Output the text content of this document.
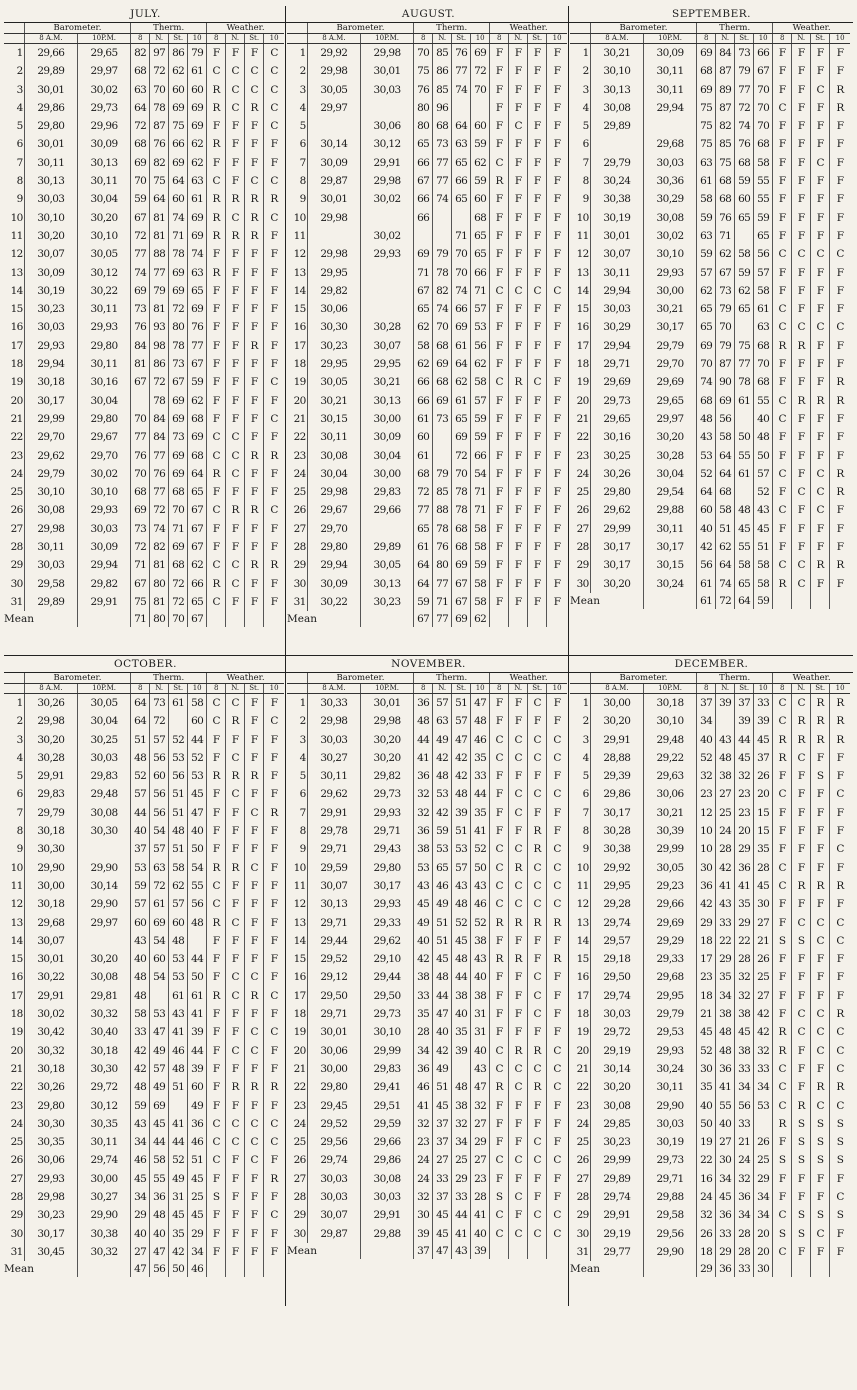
JULY.
	Barometer.		Therm.				Weather.			
	8 A.M.	10P.M.	8	N.	St.	10	8	N.	St.	10
1	29,66	29,65	82	97	86	79	F	F	F	C
2	29,89	29,97	68	72	62	61	C	C	C	C
3	30,01	30,02	63	70	60	60	R	C	C	C
4	29,86	29,73	64	78	69	69	R	C	R	C
5	29,80	29,96	72	87	75	69	F	F	F	C
6	30,01	30,09	68	76	66	62	R	F	F	F
7	30,11	30,13	69	82	69	62	F	F	F	F
8	30,13	30,11	70	75	64	63	C	F	C	C
9	30,03	30,04	59	64	60	61	R	R	R	R
10	30,10	30,20	67	81	74	69	R	C	R	C
11	30,20	30,10	72	81	71	69	R	R	R	F
12	30,07	30,05	77	88	78	74	F	F	F	F
13	30,09	30,12	74	77	69	63	R	F	F	F
14	30,19	30,22	69	79	69	65	F	F	F	F
15	30,23	30,11	73	81	72	69	F	F	F	F
16	30,03	29,93	76	93	80	76	F	F	F	F
17	29,93	29,80	84	98	78	77	F	F	R	F
18	29,94	30,11	81	86	73	67	F	F	F	F
19	30,18	30,16	67	72	67	59	F	F	F	C
20	30,17	30,04		78	69	62	F	F	F	F
21	29,99	29,80	70	84	69	68	F	F	F	C
22	29,70	29,67	77	84	73	69	C	C	F	F
23	29,62	29,70	76	77	69	68	C	C	R	R
24	29,79	30,02	70	76	69	64	R	C	F	F
25	30,10	30,10	68	77	68	65	F	F	F	F
26	30,08	29,93	69	72	70	67	C	R	R	C
27	29,98	30,03	73	74	71	67	F	F	F	F
28	30,11	30,09	72	82	69	67	F	F	F	F
29	30,03	29,94	71	81	68	62	C	C	R	R
30	29,58	29,82	67	80	72	66	R	C	F	F
31	29,89	29,91	75	81	72	65	C	F	F	F
Mean			71	80	70	67				
AUGUST.
	Barometer.		Therm.				Weather.			
	8 A.M.	10P.M.	8	N.	St.	10	8	N.	St.	10
1	29,92	29,98	70	85	76	69	F	F	F	F
2	29,98	30,01	75	86	77	72	F	F	F	F
3	30,05	30,03	76	85	74	70	F	F	F	F
4	29,97		80	96			F	F	F	F
5		30,06	80	68	64	60	F	C	F	F
6	30,14	30,12	65	73	63	59	F	F	F	F
7	30,09	29,91	66	77	65	62	C	F	F	F
8	29,87	29,98	67	77	66	59	R	F	F	F
9	30,01	30,02	66	74	65	60	F	F	F	F
10	29,98		66			68	F	F	F	F
11		30,02			71	65	F	F	F	F
12	29,98	29,93	69	79	70	65	F	F	F	F
13	29,95		71	78	70	66	F	F	F	F
14	29,82		67	82	74	71	C	C	C	C
15	30,06		65	74	66	57	F	F	F	F
16	30,30	30,28	62	70	69	53	F	F	F	F
17	30,23	30,07	58	68	61	56	F	F	F	F
18	29,95	29,95	62	69	64	62	F	F	F	F
19	30,05	30,21	66	68	62	58	C	R	C	F
20	30,21	30,13	66	69	61	57	F	F	F	F
21	30,15	30,00	61	73	65	59	F	F	F	F
22	30,11	30,09	60		69	59	F	F	F	F
23	30,08	30,04	61		72	66	F	F	F	F
24	30,04	30,00	68	79	70	54	F	F	F	F
25	29,98	29,83	72	85	78	71	F	F	F	F
26	29,67	29,66	77	88	78	71	F	F	F	F
27	29,70		65	78	68	58	F	F	F	F
28	29,80	29,89	61	76	68	58	F	F	F	F
29	29,94	30,05	64	80	69	59	F	F	F	F
30	30,09	30,13	64	77	67	58	F	F	F	F
31	30,22	30,23	59	71	67	58	F	F	F	F
Mean			67	77	69	62				
SEPTEMBER.
	Barometer.		Therm.				Weather.			
	8 A.M.	10P.M.	8	N.	St.	10	8	N.	St.	10
1	30,21	30,09	69	84	73	66	F	F	F	F
2	30,10	30,11	68	87	79	67	F	F	F	F
3	30,13	30,11	69	89	77	70	F	F	C	R
4	30,08	29,94	75	87	72	70	C	F	F	R
5	29,89		75	82	74	70	F	F	F	F
6		29,68	75	85	76	68	F	F	F	F
7	29,79	30,03	63	75	68	58	F	F	C	F
8	30,24	30,36	61	68	59	55	F	F	F	F
9	30,38	30,29	58	68	60	55	F	F	F	F
10	30,19	30,08	59	76	65	59	F	F	F	F
11	30,01	30,02	63	71		65	F	F	F	F
12	30,07	30,10	59	62	58	56	C	C	C	C
13	30,11	29,93	57	67	59	57	F	F	F	F
14	29,94	30,00	62	73	62	58	F	F	F	F
15	30,03	30,21	65	79	65	61	C	F	F	F
16	30,29	30,17	65	70		63	C	C	C	C
17	29,94	29,79	69	79	75	68	R	R	F	F
18	29,71	29,70	70	87	77	70	F	F	F	F
19	29,69	29,69	74	90	78	68	F	F	F	R
20	29,73	29,65	68	69	61	55	C	R	R	R
21	29,65	29,97	48	56		40	C	F	F	F
22	30,16	30,20	43	58	50	48	F	F	F	F
23	30,25	30,28	53	64	55	50	F	F	F	F
24	30,26	30,04	52	64	61	57	C	F	C	R
25	29,80	29,54	64	68		52	F	C	C	R
26	29,62	29,88	60	58	48	43	C	F	C	F
27	29,99	30,11	40	51	45	45	F	F	F	F
28	30,17	30,17	42	62	55	51	F	F	F	F
29	30,17	30,15	56	64	58	58	C	C	R	R
30	30,20	30,24	61	74	65	58	R	C	F	F
Mean			61	72	64	59				
OCTOBER.
	Barometer.		Therm.				Weather.			
	8 A.M.	10P.M.	8	N.	St.	10	8	N.	St.	10
1	30,26	30,05	64	73	61	58	C	C	F	F
2	29,98	30,04	64	72		60	C	R	F	C
3	30,20	30,25	51	57	52	44	F	F	F	F
4	30,28	30,03	48	56	53	52	F	C	F	F
5	29,91	29,83	52	60	56	53	R	R	R	F
6	29,83	29,48	57	56	51	45	F	C	F	F
7	29,79	30,08	44	56	51	47	F	F	C	R
8	30,18	30,30	40	54	48	40	F	F	F	F
9	30,30		37	57	51	50	F	F	F	F
10	29,90	29,90	53	63	58	54	R	R	C	F
11	30,00	30,14	59	72	62	55	C	F	F	F
12	30,18	29,90	57	61	57	56	C	F	F	F
13	29,68	29,97	60	69	60	48	R	C	F	F
14	30,07		43	54	48		F	F	F	F
15	30,01	30,20	40	60	53	44	F	F	F	F
16	30,22	30,08	48	54	53	50	F	C	C	F
17	29,91	29,81	48		61	61	R	C	R	C
18	30,02	30,32	58	53	43	41	F	F	F	F
19	30,42	30,40	33	47	41	39	F	F	C	C
20	30,32	30,18	42	49	46	44	F	C	C	F
21	30,18	30,30	42	57	48	39	F	F	F	F
22	30,26	29,72	48	49	51	60	F	R	R	R
23	29,80	30,12	59	69		49	F	F	F	F
24	30,30	30,35	43	45	41	36	C	C	C	C
25	30,35	30,11	34	44	44	46	C	C	C	C
26	30,06	29,74	46	58	52	51	C	F	C	F
27	29,93	30,00	45	55	49	45	F	F	F	R
28	29,98	30,27	34	36	31	25	S	F	F	F
29	30,23	29,90	29	48	45	45	F	F	F	C
30	30,17	30,38	40	40	35	29	F	F	F	F
31	30,45	30,32	27	47	42	34	F	F	F	F
Mean			47	56	50	46				
NOVEMBER.
	Barometer.		Therm.				Weather.			
	8 A.M.	10P.M.	8	N.	St.	10	8	N.	St.	10
1	30,33	30,01	36	57	51	47	F	F	C	F
2	29,98	29,98	48	63	57	48	F	F	F	F
3	30,03	30,20	44	49	47	46	C	C	C	C
4	30,27	30,20	41	42	42	35	C	C	C	C
5	30,11	29,82	36	48	42	33	F	F	F	F
6	29,62	29,73	32	53	48	44	F	C	C	C
7	29,91	29,93	32	42	39	35	F	C	F	F
8	29,78	29,71	36	59	51	41	F	F	R	F
9	29,71	29,43	38	53	53	52	C	C	R	C
10	29,59	29,80	53	65	57	50	C	R	C	C
11	30,07	30,17	43	46	43	43	C	C	C	C
12	30,13	29,93	45	49	48	46	C	C	C	C
13	29,71	29,33	49	51	52	52	R	R	R	R
14	29,44	29,62	40	51	45	38	F	F	F	F
15	29,52	29,10	42	45	48	43	R	R	F	R
16	29,12	29,44	38	48	44	40	F	F	C	F
17	29,50	29,50	33	44	38	38	F	F	C	F
18	29,71	29,73	35	47	40	31	F	F	C	F
19	30,01	30,10	28	40	35	31	F	F	F	F
20	30,06	29,99	34	42	39	40	C	R	R	C
21	30,00	29,83	36	49		43	C	C	C	C
22	29,80	29,41	46	51	48	47	R	C	R	C
23	29,45	29,51	41	45	38	32	F	F	F	F
24	29,52	29,59	32	37	32	27	F	F	F	F
25	29,56	29,66	23	37	34	29	F	F	C	F
26	29,74	29,86	24	27	25	27	C	C	C	C
27	30,03	30,08	24	33	29	23	F	F	F	F
28	30,03	30,03	32	37	33	28	S	C	F	F
29	30,07	29,91	30	45	44	41	C	F	C	C
30	29,87	29,88	39	45	41	40	C	C	C	C
Mean			37	47	43	39				
DECEMBER.
	Barometer.		Therm.				Weather.			
	8 A.M.	10P.M.	8	N.	St.	10	8	N.	St.	10
1	30,00	30,18	37	39	37	33	C	C	R	R
2	30,20	30,10	34		39	39	C	R	R	R
3	29,91	29,48	40	43	44	45	R	R	R	R
4	28,88	29,22	52	48	45	37	R	C	F	F
5	29,39	29,63	32	38	32	26	F	F	S	F
6	29,86	30,06	23	27	23	20	C	F	F	C
7	30,17	30,21	12	25	23	15	F	F	F	F
8	30,28	30,39	10	24	20	15	F	F	F	F
9	30,38	29,99	10	28	29	35	F	F	F	C
10	29,92	30,05	30	42	36	28	C	F	F	F
11	29,95	29,23	36	41	41	45	C	R	R	R
12	29,28	29,66	42	43	35	30	F	F	F	F
13	29,74	29,69	29	33	29	27	F	C	C	C
14	29,57	29,29	18	22	22	21	S	S	C	C
15	29,18	29,33	17	29	28	26	F	F	F	F
16	29,50	29,68	23	35	32	25	F	F	F	F
17	29,74	29,95	18	34	32	27	F	F	F	F
18	30,03	29,79	21	38	38	42	F	C	C	R
19	29,72	29,53	45	48	45	42	R	C	C	C
20	29,19	29,93	52	48	38	32	R	F	C	C
21	30,14	30,24	30	36	33	33	C	F	F	C
22	30,20	30,11	35	41	34	34	C	F	R	R
23	30,08	29,90	40	55	56	53	C	R	C	C
24	29,85	30,03	50	40	33		R	S	S	S
25	30,23	30,19	19	27	21	26	F	S	S	S
26	29,99	29,73	22	30	24	25	S	S	S	S
27	29,89	29,71	16	34	32	29	F	F	F	F
28	29,74	29,88	24	45	36	34	F	F	F	C
29	29,91	29,58	32	36	34	34	C	S	S	S
30	29,19	29,56	26	33	28	20	S	S	C	F
31	29,77	29,90	18	29	28	20	C	F	F	F
Mean			29	36	33	30				
